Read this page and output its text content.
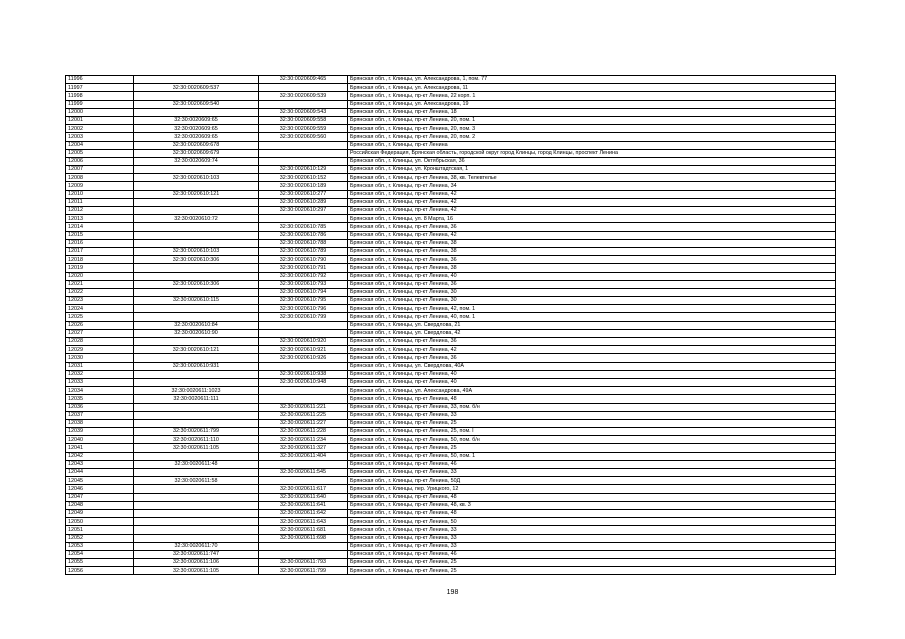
11996		32:30:0020609:465	Брянская обл., г. Клинцы, ул. Александрова, 1, пом. 77
11997	32:30:0020609:537		Брянская обл., г. Клинцы, ул. Александрова, 11
11998		32:30:0020609:539	Брянская обл., г. Клинцы, пр-кт Ленина, 22 корп. 1
11999	32:30:0020609:540		Брянская обл., г. Клинцы, ул. Александрова, 19
12000		32:30:0020609:543	Брянская обл., г. Клинцы, пр-кт Ленина, 18
12001	32:30:0020609:65	32:30:0020609:558	Брянская обл., г. Клинцы, пр-кт Ленина, 20, пом. 1
12002	32:30:0020609:65	32:30:0020609:559	Брянская обл., г. Клинцы, пр-кт Ленина, 20, пом. 3
12003	32:30:0020609:65	32:30:0020609:560	Брянская обл., г. Клинцы, пр-кт Ленина, 20, пом. 2
12004	32:30:0020609:678		Брянская обл., г. Клинцы, пр-кт Ленина
12005	32:30:0020609:679		Российская Федерация, Брянская область, городской округ город Клинцы, город Клинцы, проспект Ленина
12006	32:30:0020609:74		Брянская обл., г. Клинцы, ул. Октябрьская, 36
12007		32:30:0020610:129	Брянская обл., г. Клинцы, ул. Кронштадтская, 1
12008	32:30:0020610:103	32:30:0020610:152	Брянская обл., г. Клинцы, пр-кт Ленина, 38, кв. Телевтелье
12009		32:30:0020610:189	Брянская обл., г. Клинцы, пр-кт Ленина, 34
12010	32:30:0020610:121	32:30:0020610:277	Брянская обл., г. Клинцы, пр-кт Ленина, 42
12011		32:30:0020610:289	Брянская обл., г. Клинцы, пр-кт Ленина, 42
12012		32:30:0020610:297	Брянская обл., г. Клинцы, пр-кт Ленина, 42
12013	32:30:0020610:72		Брянская обл., г. Клинцы, ул. 8 Марта, 16
12014		32:30:0020610:785	Брянская обл., г. Клинцы, пр-кт Ленина, 36
12015		32:30:0020610:786	Брянская обл., г. Клинцы, пр-кт Ленина, 42
12016		32:30:0020610:788	Брянская обл., г. Клинцы, пр-кт Ленина, 38
12017	32:30:0020610:103	32:30:0020610:789	Брянская обл., г. Клинцы, пр-кт Ленина, 38
12018	32:30:0020610:306	32:30:0020610:790	Брянская обл., г. Клинцы, пр-кт Ленина, 36
12019		32:30:0020610:791	Брянская обл., г. Клинцы, пр-кт Ленина, 38
12020		32:30:0020610:792	Брянская обл., г. Клинцы, пр-кт Ленина, 40
12021	32:30:0020610:306	32:30:0020610:793	Брянская обл., г. Клинцы, пр-кт Ленина, 36
12022		32:30:0020610:794	Брянская обл., г. Клинцы, пр-кт Ленина, 30
12023	32:30:0020610:115	32:30:0020610:795	Брянская обл., г. Клинцы, пр-кт Ленина, 30
12024		32:30:0020610:796	Брянская обл., г. Клинцы, пр-кт Ленина, 42, пом. 1
12025		32:30:0020610:799	Брянская обл., г. Клинцы, пр-кт Ленина, 40, пом. 1
12026	32:30:0020610:84		Брянская обл., г. Клинцы, ул. Свердлова, 21
12027	32:30:0020610:90		Брянская обл., г. Клинцы, ул. Свердлова, 42
12028		32:30:0020610:920	Брянская обл., г. Клинцы, пр-кт Ленина, 36
12029	32:30:0020610:121	32:30:0020610:921	Брянская обл., г. Клинцы, пр-кт Ленина, 42
12030		32:30:0020610:926	Брянская обл., г. Клинцы, пр-кт Ленина, 36
12031	32:30:0020610:931		Брянская обл., г. Клинцы, ул. Свердлова, 40А
12032		32:30:0020610:938	Брянская обл., г. Клинцы, пр-кт Ленина, 40
12033		32:30:0020610:948	Брянская обл., г. Клинцы, пр-кт Ленина, 40
12034	32:30:0020611:1023		Брянская обл., г. Клинцы, ул. Александрова, 49А
12035	32:30:0020611:111		Брянская обл., г. Клинцы, пр-кт Ленина, 48
12036		32:30:0020611:221	Брянская обл., г. Клинцы, пр-кт Ленина, 33, пом. б/н
12037		32:30:0020611:225	Брянская обл., г. Клинцы, пр-кт Ленина, 33
12038		32:30:0020611:227	Брянская обл., г. Клинцы, пр-кт Ленина, 25
12039	32:30:0020611:799	32:30:0020611:228	Брянская обл., г. Клинцы, пр-кт Ленина, 25, пом. I
12040	32:30:0020611:110	32:30:0020611:234	Брянская обл., г. Клинцы, пр-кт Ленина, 50, пом. б/н
12041	32:30:0020611:105	32:30:0020611:327	Брянская обл., г. Клинцы, пр-кт Ленина, 25
12042		32:30:0020611:404	Брянская обл., г. Клинцы, пр-кт Ленина, 50, пом. 1
12043	32:30:0020611:48		Брянская обл., г. Клинцы, пр-кт Ленина, 46
12044		32:30:0020611:545	Брянская обл., г. Клинцы, пр-кт Ленина, 33
12045	32:30:0020611:58		Брянская обл., г. Клинцы, пр-кт Ленина, 50Д
12046		32:30:0020611:617	Брянская обл., г. Клинцы, пер. Урицкого, 12
12047		32:30:0020611:640	Брянская обл., г. Клинцы, пр-кт Ленина, 48
12048		32:30:0020611:641	Брянская обл., г. Клинцы, пр-кт Ленина, 48, кв. 3
12049		32:30:0020611:642	Брянская обл., г. Клинцы, пр-кт Ленина, 48
12050		32:30:0020611:643	Брянская обл., г. Клинцы, пр-кт Ленина, 50
12051		32:30:0020611:681	Брянская обл., г. Клинцы, пр-кт Ленина, 33
12052		32:30:0020611:698	Брянская обл., г. Клинцы, пр-кт Ленина, 33
12053	32:30:0020611:70		Брянская обл., г. Клинцы, пр-кт Ленина, 33
12054	32:30:0020611:747		Брянская обл., г. Клинцы, пр-кт Ленина, 46
12055	32:30:0020611:106	32:30:0020611:793	Брянская обл., г. Клинцы, пр-кт Ленина, 25
12056	32:30:0020611:105	32:30:0020611:799	Брянская обл., г. Клинцы, пр-кт Ленина, 25
198
